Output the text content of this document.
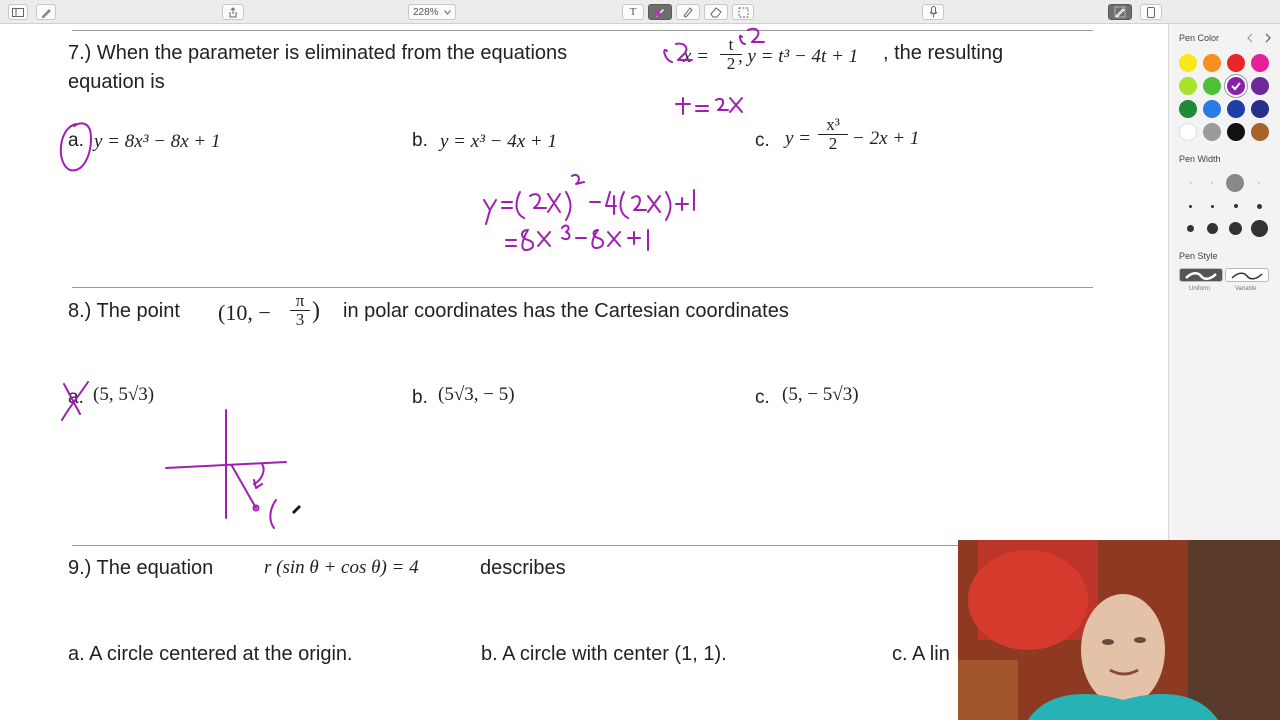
228%	T
7.) When the parameter is eliminated from the equations	$x = \frac{t}{2}$
, y = t³ − 4t + 1 , the resulting
equation is
a. y = 8x³ − 8x + 1	b. y = x³ − 4x + 1	c. $y = \frac{\text{x³}}{2} - 2x + 1$
8.) The point (10, − $\frac{\pi}{3}$ ) in polar coordinates has the Cartesian coordinates
a. (5, 5√3)	b. (5√3, − 5)	c. (5, − 5√3)
9.) The equation	r (sin θ + cos θ) = 4	describes
a. A circle centered at the origin.	b. A circle with center (1, 1).	c. A lin
Pen Color
Pen Width
Pen Style
Uniform	Variable
